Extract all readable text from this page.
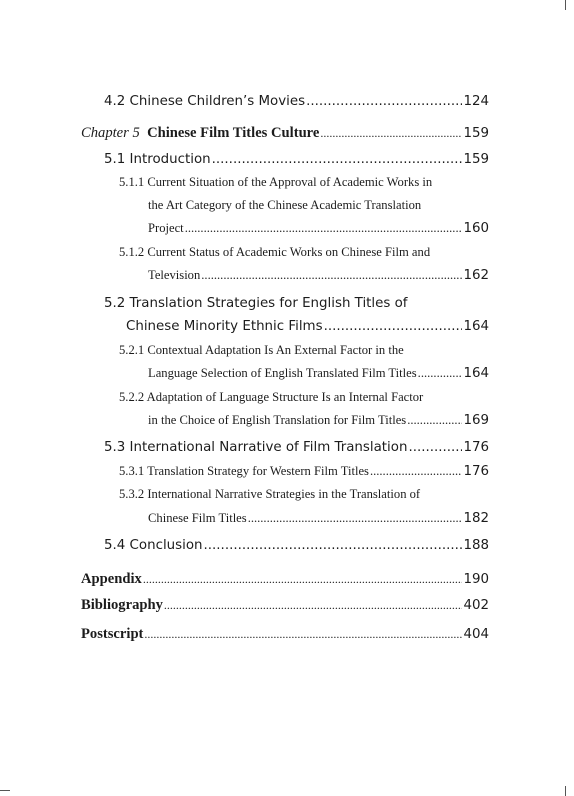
4.2 Chinese Children’s Movies .....	124
Chapter 5 Chinese Film Titles Culture .....	159
5.1 Introduction .....	159
5.1.1 Current Situation of the Approval of Academic Works in
the Art Category of the Chinese Academic Translation
Project .....	160
5.1.2 Current Status of Academic Works on Chinese Film and
Television .....	162
5.2 Translation Strategies for English Titles of
Chinese Minority Ethnic Films .....	164
5.2.1 Contextual Adaptation Is An External Factor in the
Language Selection of English Translated Film Titles .....	164
5.2.2 Adaptation of Language Structure Is an Internal Factor
in the Choice of English Translation for Film Titles .....	169
5.3 International Narrative of Film Translation .....	176
5.3.1 Translation Strategy for Western Film Titles .....	176
5.3.2 International Narrative Strategies in the Translation of
Chinese Film Titles .....	182
5.4 Conclusion .....	188
Appendix .....	190
Bibliography .....	402
Postscript .....	404
